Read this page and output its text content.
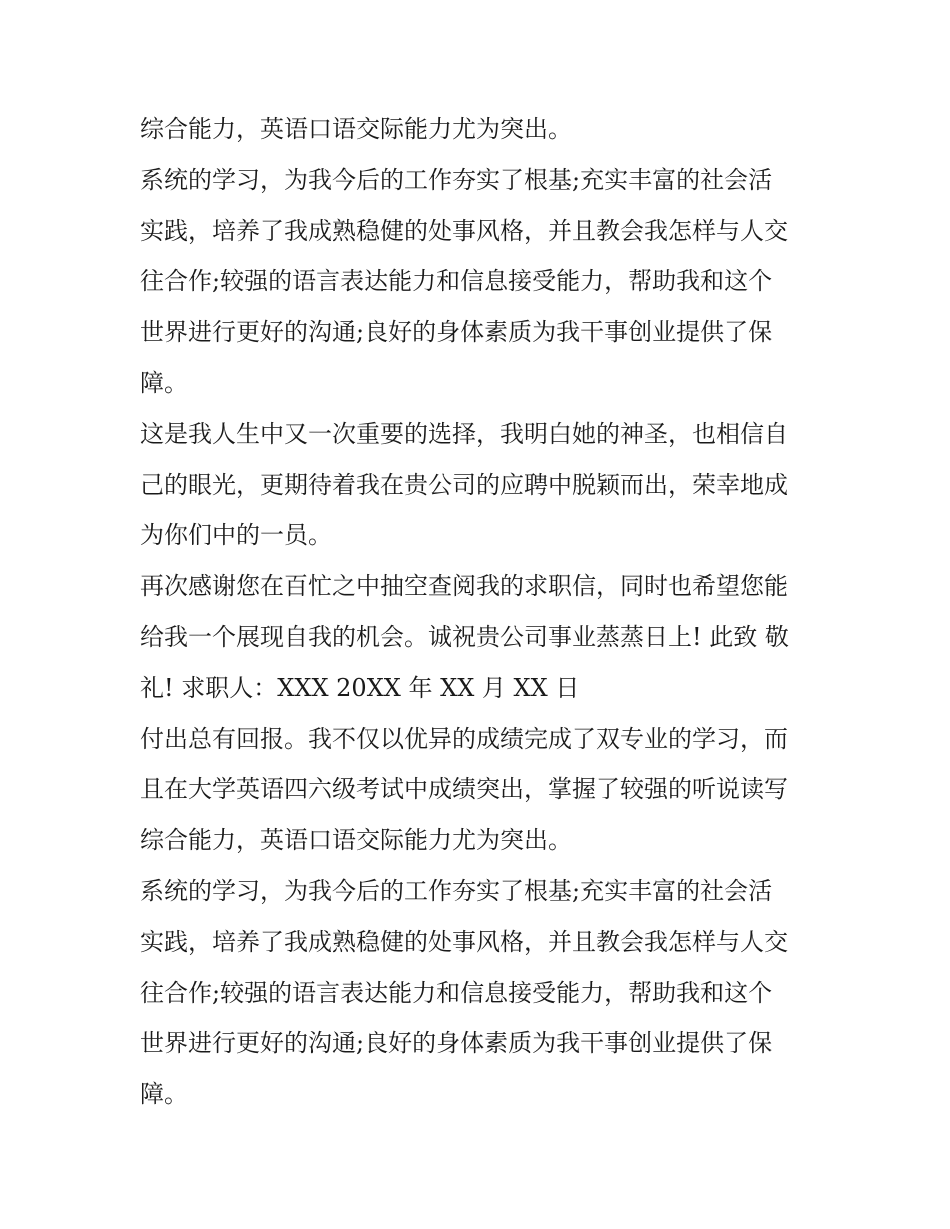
综合能力，英语口语交际能力尤为突出。

系统的学习，为我今后的工作夯实了根基;充实丰富的社会活
实践，培养了我成熟稳健的处事风格，并且教会我怎样与人交
往合作;较强的语言表达能力和信息接受能力，帮助我和这个
世界进行更好的沟通;良好的身体素质为我干事创业提供了保
障。

这是我人生中又一次重要的选择，我明白她的神圣，也相信自
己的眼光，更期待着我在贵公司的应聘中脱颖而出，荣幸地成
为你们中的一员。

再次感谢您在百忙之中抽空查阅我的求职信，同时也希望您能
给我一个展现自我的机会。诚祝贵公司事业蒸蒸日上! 此致 敬
礼! 求职人：XXX 20XX 年 XX 月 XX 日

付出总有回报。我不仅以优异的成绩完成了双专业的学习，而
且在大学英语四六级考试中成绩突出，掌握了较强的听说读写
综合能力，英语口语交际能力尤为突出。

系统的学习，为我今后的工作夯实了根基;充实丰富的社会活
实践，培养了我成熟稳健的处事风格，并且教会我怎样与人交
往合作;较强的语言表达能力和信息接受能力，帮助我和这个
世界进行更好的沟通;良好的身体素质为我干事创业提供了保
障。
